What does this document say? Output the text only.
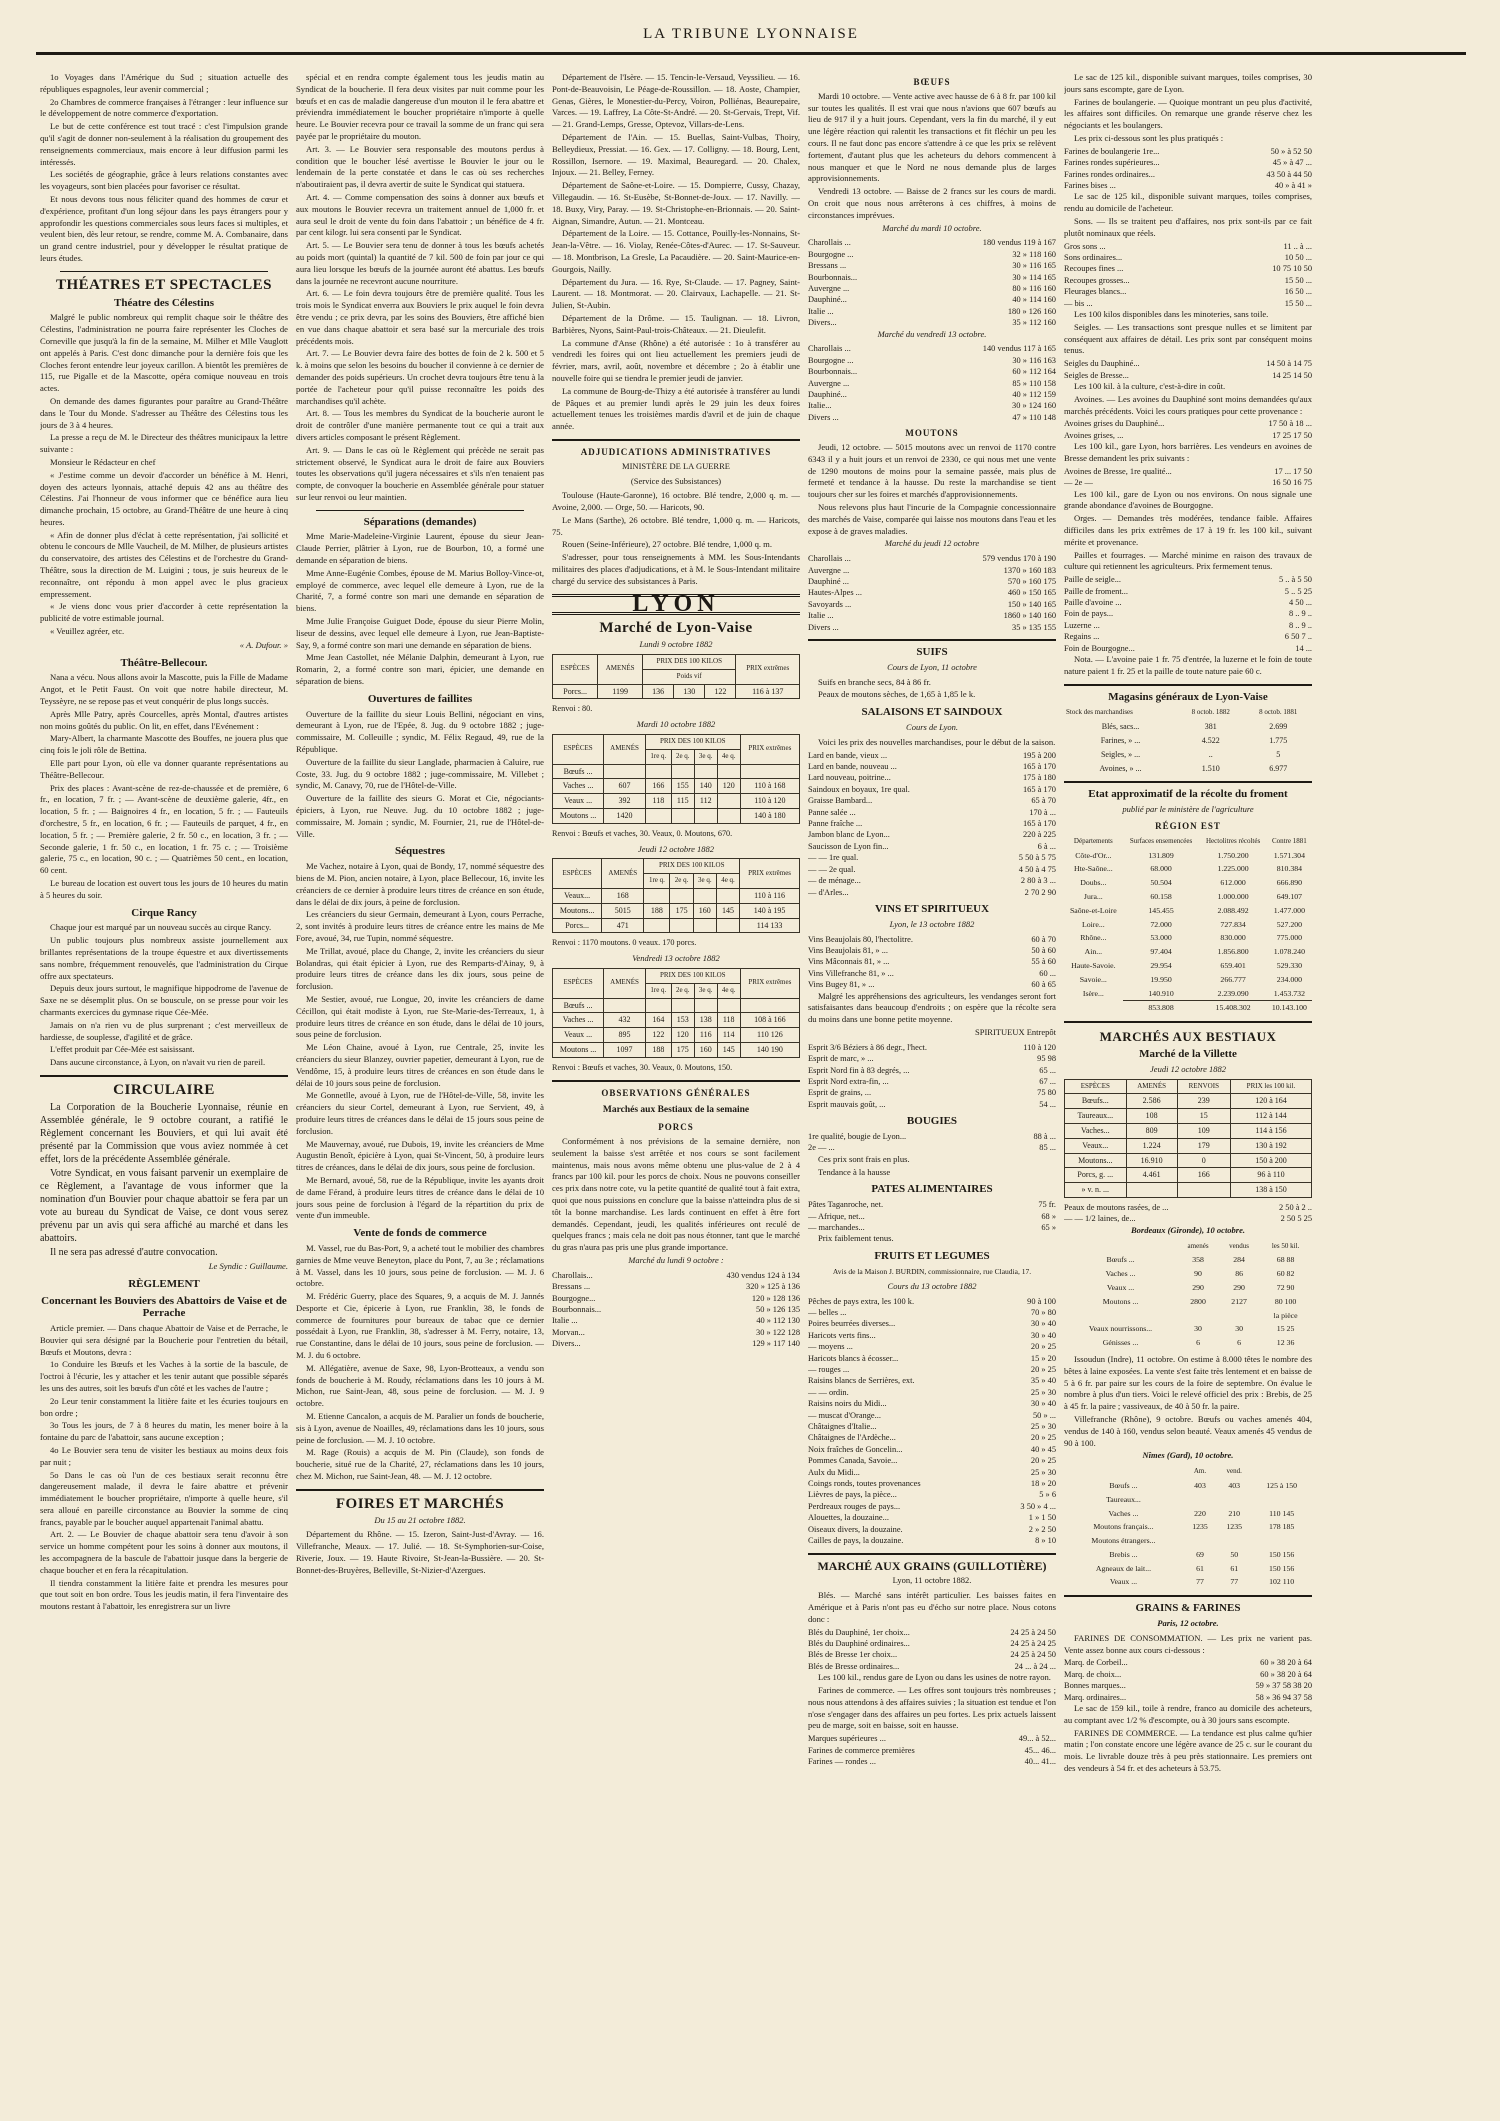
LA TRIBUNE LYONNAISE

1o Voyages dans l'Amérique du Sud ; situation actuelle des républiques espagnoles, leur avenir commercial ;

2o Chambres de commerce françaises à l'étranger : leur influence sur le développement de notre commerce d'exportation.

Le but de cette conférence est tout tracé : c'est l'impulsion grande qu'il s'agit de donner non-seulement à la réalisation du groupement des renseignements commerciaux, mais encore à leur diffusion parmi les intéressés.

Les sociétés de géographie, grâce à leurs relations constantes avec les voyageurs, sont bien placées pour favoriser ce résultat.

Et nous devons tous nous féliciter quand des hommes de cœur et d'expérience, profitant d'un long séjour dans les pays étrangers pour y approfondir les questions commerciales sous leurs faces si multiples, et veulent bien, dès leur retour, se rendre, comme M. A. Combanaire, dans un grand centre industriel, pour y développer le résultat pratique de leurs études.

THÉATRES ET SPECTACLES
Théatre des Célestins

Malgré le public nombreux qui remplit chaque soir le théâtre des Célestins, l'administration ne pourra faire représenter les Cloches de Corneville que jusqu'à la fin de la semaine, M. Milher et Mlle Vauglott ont appelés à Paris. C'est donc dimanche pour la dernière fois que les Cloches feront entendre leur joyeux carillon. A bientôt les premières de 115, rue Pigalle et de la Mascotte, opéra comique nouveau en trois actes.

On demande des dames figurantes pour paraître au Grand-Théâtre dans le Tour du Monde. S'adresser au Théâtre des Célestins tous les jours de 3 à 4 heures.

La presse a reçu de M. le Directeur des théâtres municipaux la lettre suivante :

Monsieur le Rédacteur en chef

« J'estime comme un devoir d'accorder un bénéfice à M. Henri, doyen des acteurs lyonnais, attaché depuis 42 ans au théâtre des Célestins. J'ai l'honneur de vous informer que ce bénéfice aura lieu dimanche prochain, 15 octobre, au Grand-Théâtre de une heure à cinq heures.

« Afin de donner plus d'éclat à cette représentation, j'ai sollicité et obtenu le concours de Mlle Vaucheil, de M. Milher, de plusieurs artistes du conservatoire, des artistes des Célestins et de l'orchestre du Grand-Théâtre, sous la direction de M. Luigini ; tous, je suis heureux de le reconnaître, ont répondu à mon appel avec le plus gracieux empressement.

« Je viens donc vous prier d'accorder à cette représentation la publicité de votre estimable journal.

« Veuillez agréer, etc.

« A. Dufour. »
Théâtre-Bellecour.

Nana a vécu. Nous allons avoir la Mascotte, puis la Fille de Madame Angot, et le Petit Faust. On voit que notre habile directeur, M. Teyssèyre, ne se repose pas et veut conquérir de plus longs succès.

Après Mlle Patry, après Courcelles, après Montal, d'autres artistes non moins goûtés du public. On lit, en effet, dans l'Evénement :

Mary-Albert, la charmante Mascotte des Bouffes, ne jouera plus que cinq fois le joli rôle de Bettina.

Elle part pour Lyon, où elle va donner quarante représentations au Théâtre-Bellecour.

Prix des places : Avant-scène de rez-de-chaussée et de première, 6 fr., en location, 7 fr. ; — Avant-scène de deuxième galerie, 4fr., en location, 5 fr. ; — Baignoires 4 fr., en location, 5 fr. ; — Fauteuils d'orchestre, 5 fr., en location, 6 fr. ; — Fauteuils de parquet, 4 fr., en location, 5 fr. ; — Première galerie, 2 fr. 50 c., en location, 3 fr. ; — Seconde galerie, 1 fr. 50 c., en location, 1 fr. 75 c. ; — Troisième galerie, 75 c., en location, 90 c. ; — Quatrièmes 50 cent., en location, 60 cent.

Le bureau de location est ouvert tous les jours de 10 heures du matin à 5 heures du soir.

Cirque Rancy

Chaque jour est marqué par un nouveau succès au cirque Rancy.

Un public toujours plus nombreux assiste journellement aux brillantes représentations de la troupe équestre et aux divertissements sans nombre, fréquemment renouvelés, que l'administration du Cirque offre aux spectateurs.

Depuis deux jours surtout, le magnifique hippodrome de l'avenue de Saxe ne se désemplit plus. On se bouscule, on se presse pour voir les charmants exercices du gymnase rique Cée-Mée.

Jamais on n'a rien vu de plus surprenant ; c'est merveilleux de hardiesse, de souplesse, d'agilité et de grâce.

L'effet produit par Cée-Mée est saisissant.

Dans aucune circonstance, à Lyon, on n'avait vu rien de pareil.

CIRCULAIRE

La Corporation de la Boucherie Lyonnaise, réunie en Assemblée générale, le 9 octobre courant, a ratifié le Règlement concernant les Bouviers, et qui lui avait été présenté par la Commission que vous aviez nommée à cet effet, lors de la précédente Assemblée générale.

Votre Syndicat, en vous faisant parvenir un exemplaire de ce Règlement, a l'avantage de vous informer que la nomination d'un Bouvier pour chaque abattoir se fera par un vote au bureau du Syndicat de Vaise, ce dont vous serez prévenu par un avis qui sera affiché au marché et dans les abattoirs.

Il ne sera pas adressé d'autre convocation.

Le Syndic : Guillaume.
RÈGLEMENT
Concernant les Bouviers des Abattoirs de Vaise et de Perrache

Article premier. — Dans chaque Abattoir de Vaise et de Perrache, le Bouvier qui sera désigné par la Boucherie pour l'entretien du bétail, Bœufs et Moutons, devra :

1o Conduire les Bœufs et les Vaches à la sortie de la bascule, de l'octroi à l'écurie, les y attacher et les tenir autant que possible séparés les uns des autres, soit les bœufs d'un côté et les vaches de l'autre ;

2o Leur tenir constamment la litière faite et les écuries toujours en bon ordre ;

3o Tous les jours, de 7 à 8 heures du matin, les mener boire à la fontaine du parc de l'abattoir, sans aucune exception ;

4o Le Bouvier sera tenu de visiter les bestiaux au moins deux fois par nuit ;

5o Dans le cas où l'un de ces bestiaux serait reconnu être dangereusement malade, il devra le faire abattre et prévenir immédiatement le boucher propriétaire, n'importe à quelle heure, s'il sera alloué en pareille circonstance au Bouvier la somme de cinq francs, payable par le boucher auquel appartenait l'animal abattu.

Art. 2. — Le Bouvier de chaque abattoir sera tenu d'avoir à son service un homme compétent pour les soins à donner aux moutons, il les accompagnera de la bascule de l'abattoir jusque dans la bergerie de chaque boucher et en fera la récapitulation.

Il tiendra constamment la litière faite et prendra les mesures pour que tout soit en bon ordre. Tous les jeudis matin, il fera l'inventaire des moutons restant à l'abattoir, les enregistrera sur un livre

spécial et en rendra compte également tous les jeudis matin au Syndicat de la boucherie. Il fera deux visites par nuit comme pour les bœufs et en cas de maladie dangereuse d'un mouton il le fera abattre et préviendra immédiatement le boucher propriétaire n'importe à quelle heure. Le Bouvier recevra pour ce travail la somme de un franc qui sera payée par le propriétaire du mouton.

Art. 3. — Le Bouvier sera responsable des moutons perdus à condition que le boucher lésé avertisse le Bouvier le jour ou le lendemain de la perte constatée et dans le cas où ses recherches n'aboutiraient pas, il devra avertir de suite le Syndicat qui statuera.

Art. 4. — Comme compensation des soins à donner aux bœufs et aux moutons le Bouvier recevra un traitement annuel de 1,000 fr. et aura seul le droit de vente du foin dans l'abattoir ; un bénéfice de 4 fr. par cent kilogr. lui sera consenti par le Syndicat.

Art. 5. — Le Bouvier sera tenu de donner à tous les bœufs achetés au poids mort (quintal) la quantité de 7 kil. 500 de foin par jour ce qui aura lieu lorsque les bœufs de la journée auront été abattus. Les bœufs dans la journée ne recevront aucune nourriture.

Art. 6. — Le foin devra toujours être de première qualité. Tous les trois mois le Syndicat enverra aux Bouviers le prix auquel le foin devra être vendu ; ce prix devra, par les soins des Bouviers, être affiché bien en vue dans chaque abattoir et sera basé sur la mercuriale des trois précédents mois.

Art. 7. — Le Bouvier devra faire des bottes de foin de 2 k. 500 et 5 k. à moins que selon les besoins du boucher il convienne à ce dernier de demander des poids supérieurs. Un crochet devra toujours être tenu à la portée de l'acheteur pour qu'il puisse reconnaître les poids des marchandises qu'il achète.

Art. 8. — Tous les membres du Syndicat de la boucherie auront le droit de contrôler d'une manière permanente tout ce qui a trait aux divers articles composant le présent Règlement.

Art. 9. — Dans le cas où le Règlement qui précède ne serait pas strictement observé, le Syndicat aura le droit de faire aux Bouviers toutes les observations qu'il jugera nécessaires et s'ils n'en tenaient pas compte, de convoquer la boucherie en Assemblée générale pour statuer sur leur renvoi ou leur maintien.

Séparations (demandes)

Mme Marie-Madeleine-Virginie Laurent, épouse du sieur Jean-Claude Perrier, plâtrier à Lyon, rue de Bourbon, 10, a formé une demande en séparation de biens.

Mme Anne-Eugénie Combes, épouse de M. Marius Bolloy-Vince-ot, employé de commerce, avec lequel elle demeure à Lyon, rue de la Charité, 7, a formé contre son mari une demande en séparation de biens.

Mme Julie Françoise Guiguet Dode, épouse du sieur Pierre Molin, liseur de dessins, avec lequel elle demeure à Lyon, rue Jean-Baptiste-Say, 9, a formé contre son mari une demande en séparation de biens.

Mme Jean Castollet, née Mélanie Dalphin, demeurant à Lyon, rue Romarin, 2, a formé contre son mari, épicier, une demande en séparation de biens.

Ouvertures de faillites

Ouverture de la faillite du sieur Louis Bellini, négociant en vins, demeurant à Lyon, rue de l'Epée, 8. Jug. du 9 octobre 1882 ; juge-commissaire, M. Colleuille ; syndic, M. Félix Regaud, 49, rue de la République.

Ouverture de la faillite du sieur Langlade, pharmacien à Caluire, rue Coste, 33. Jug. du 9 octobre 1882 ; juge-commissaire, M. Villebet ; syndic, M. Canavy, 70, rue de l'Hôtel-de-Ville.

Ouverture de la faillite des sieurs G. Morat et Cie, négociants-épiciers, à Lyon, rue Neuve. Jug. du 10 octobre 1882 ; juge-commissaire, M. Jomain ; syndic, M. Fournier, 21, rue de l'Hôtel-de-Ville.

Séquestres

Me Vachez, notaire à Lyon, quai de Bondy, 17, nommé séquestre des biens de M. Pion, ancien notaire, à Lyon, place Bellecour, 16, invite les créanciers de ce dernier à produire leurs titres de créance en son étude, dans le délai de dix jours, à peine de forclusion.

Les créanciers du sieur Germain, demeurant à Lyon, cours Perrache, 2, sont invités à produire leurs titres de créance entre les mains de Me Fore, avoué, 34, rue Tupin, nommé séquestre.

Me Trillat, avoué, place du Change, 2, invite les créanciers du sieur Bolandras, qui était épicier à Lyon, rue des Remparts-d'Ainay, 9, à produire leurs titres de créance dans les dix jours, sous peine de forclusion.

Me Sestier, avoué, rue Longue, 20, invite les créanciers de dame Cécillon, qui était modiste à Lyon, rue Ste-Marie-des-Terreaux, 1, à produire leurs titres de créance en son étude, dans le délai de 10 jours, sous peine de forclusion.

Me Léon Chaine, avoué à Lyon, rue Centrale, 25, invite les créanciers du sieur Blanzey, ouvrier papetier, demeurant à Lyon, rue de Vendôme, 15, à produire leurs titres de créances en son étude dans le délai de 10 jours sous peine de forclusion.

Me Gonnetlle, avoué à Lyon, rue de l'Hôtel-de-Ville, 58, invite les créanciers du sieur Cortel, demeurant à Lyon, rue Servient, 49, à produire leurs titres de créances dans le délai de 15 jours sous peine de forclusion.

Me Mauvernay, avoué, rue Dubois, 19, invite les créanciers de Mme Augustin Benoît, épicière à Lyon, quai St-Vincent, 50, à produire leurs titres de créances, dans le délai de dix jours, sous peine de forclusion.

Me Bernard, avoué, 58, rue de la République, invite les ayants droit de dame Férand, à produire leurs titres de créance dans le délai de 10 jours sous peine de forclusion à l'égard de la répartition du prix de vente d'un immeuble.

Vente de fonds de commerce

M. Vassel, rue du Bas-Port, 9, a acheté tout le mobilier des chambres garnies de Mme veuve Beneyton, place du Pont, 7, au 3e ; réclamations à M. Vassel, dans les 10 jours, sous peine de forclusion. — M. J. 6 octobre.

M. Frédéric Guerry, place des Squares, 9, a acquis de M. J. Jannés Desporte et Cie, épicerie à Lyon, rue Franklin, 38, le fonds de commerce de fournitures pour bureaux de tabac que ce dernier possédait à Lyon, rue Franklin, 38, s'adresser à M. Ferry, notaire, 13, rue Constantine, dans le délai de 10 jours, sous peine de forclusion. — M. J. du 6 octobre.

M. Allégatière, avenue de Saxe, 98, Lyon-Brotteaux, a vendu son fonds de boucherie à M. Roudy, réclamations dans les 10 jours à M. Michon, rue Saint-Jean, 48, sous peine de forclusion. — M. J. 9 octobre.

M. Etienne Cancalon, a acquis de M. Paralier un fonds de boucherie, sis à Lyon, avenue de Noailles, 49, réclamations dans les 10 jours, sous peine de forclusion. — M. J. 10 octobre.

M. Rage (Rouis) a acquis de M. Pin (Claude), son fonds de boucherie, situé rue de la Charité, 27, réclamations dans les 10 jours, chez M. Michon, rue Saint-Jean, 48. — M. J. 12 octobre.

FOIRES ET MARCHÉS
Du 15 au 21 octobre 1882.

Département du Rhône. — 15. Izeron, Saint-Just-d'Avray. — 16. Villefranche, Meaux. — 17. Julié. — 18. St-Symphorien-sur-Coise, Riverie, Joux. — 19. Haute Rivoire, St-Jean-la-Bussière. — 20. St-Bonnet-des-Bruyères, Belleville, St-Nizier-d'Azergues.

Département de l'Isère. — 15. Tencin-le-Versaud, Veyssilieu. — 16. Pont-de-Beauvoisin, Le Péage-de-Roussillon. — 18. Aoste, Champier, Genas, Gières, le Monestier-du-Percy, Voiron, Polliénas, Beaurepaire, Varces. — 19. Laffrey, La Côte-St-André. — 20. St-Gervais, Trept, Vif. — 21. Grand-Lemps, Gresse, Optevoz, Villars-de-Lens.

Département de l'Ain. — 15. Buellas, Saint-Vulbas, Thoiry, Belleydieux, Pressiat. — 16. Gex. — 17. Colligny. — 18. Bourg, Lent, Rossillon, Isernore. — 19. Maximal, Beauregard. — 20. Chalex, Injoux. — 21. Belley, Ferney.

Département de Saône-et-Loire. — 15. Dompierre, Cussy, Chazay, Villegaudin. — 16. St-Eusèbe, St-Bonnet-de-Joux. — 17. Navilly. — 18. Buxy, Viry, Paray. — 19. St-Christophe-en-Brionnais. — 20. Saint-Aignan, Simandre, Autun. — 21. Montceau.

Département de la Loire. — 15. Cottance, Pouilly-les-Nonnains, St-Jean-la-Vêtre. — 16. Violay, Renée-Côtes-d'Aurec. — 17. St-Sauveur. — 18. Montbrison, La Gresle, La Pacaudière. — 20. Saint-Maurice-en-Gourgois, Nailly.

Département du Jura. — 16. Rye, St-Claude. — 17. Pagney, Saint-Laurent. — 18. Montmorat. — 20. Clairvaux, Lachapelle. — 21. St-Julien, St-Aubin.

Département de la Drôme. — 15. Taulignan. — 18. Livron, Barbières, Nyons, Saint-Paul-trois-Châteaux. — 21. Dieulefit.

La commune d'Anse (Rhône) a été autorisée : 1o à transférer au vendredi les foires qui ont lieu actuellement les premiers jeudi de février, mars, avril, août, novembre et décembre ; 2o à établir une nouvelle foire qui se tiendra le premier jeudi de janvier.

La commune de Bourg-de-Thizy a été autorisée à transférer au lundi de Pâques et au premier lundi après le 29 juin les deux foires actuellement tenues les troisièmes mardis d'avril et de juin de chaque année.

ADJUDICATIONS ADMINISTRATIVES
MINISTÈRE DE LA GUERRE
(Service des Subsistances)

Toulouse (Haute-Garonne), 16 octobre. Blé tendre, 2,000 q. m. — Avoine, 2,000. — Orge, 50. — Haricots, 90.

Le Mans (Sarthe), 26 octobre. Blé tendre, 1,000 q. m. — Haricots, 75.

Rouen (Seine-Inférieure), 27 octobre. Blé tendre, 1,000 q. m.

S'adresser, pour tous renseignements à MM. les Sous-Intendants militaires des places d'adjudications, et à M. le Sous-Intendant militaire chargé du service des subsistances à Paris.

LYON
Marché de Lyon-Vaise
Lundi 9 octobre 1882
ESPÈCES	AMENÉS	PRIX DES 100 KILOS			PRIX extrêmes
		Poids vif			
Porcs...	1199	136	130	122	116 à 137
Renvoi : 80.
Mardi 10 octobre 1882
ESPÈCES	AMENÉS	PRIX DES 100 KILOS				PRIX extrêmes
		1re q.	2e q.	3e q.	4e q.	
Bœufs ...						
Vaches ...	607	166	155	140	120	110 à 168
Veaux ...	392	118	115	112		110 à 120
Moutons ...	1420					140 à 180
Renvoi : Bœufs et vaches, 30. Veaux, 0. Moutons, 670.
Jeudi 12 octobre 1882
ESPÈCES	AMENÉS	PRIX DES 100 KILOS				PRIX extrêmes
		1re q.	2e q.	3e q.	4e q.	
Veaux...	168					110 à 116
Moutons...	5015	188	175	160	145	140 à 195
Porcs...	471					114 133
Renvoi : 1170 moutons. 0 veaux. 170 porcs.
Vendredi 13 octobre 1882
ESPÈCES	AMENÉS	PRIX DES 100 KILOS				PRIX extrêmes
		1re q.	2e q.	3e q.	4e q.	
Bœufs ...						
Vaches ...	432	164	153	138	118	108 à 166
Veaux ...	895	122	120	116	114	110 126
Moutons ...	1097	188	175	160	145	140 190
Renvoi : Bœufs et vaches, 30. Veaux, 0. Moutons, 150.
OBSERVATIONS GÉNÉRALES
Marchés aux Bestiaux de la semaine
PORCS

Conformément à nos prévisions de la semaine dernière, non seulement la baisse s'est arrêtée et nos cours se sont facilement maintenus, mais nous avons même obtenu une plus-value de 2 à 4 francs par 100 kil. pour les porcs de choix. Nous ne pouvons conseiller ces prix dans notre cote, vu la petite quantité de qualité tout à fait extra, quoi que nous puissions en conclure que la baisse n'atteindra plus de si tôt la bonne marchandise. Les lards continuent en effet à être fort demandés. Cependant, jeudi, les qualités inférieures ont reculé de quelques francs ; mais cela ne doit pas nous étonner, tant que le marché du gras n'aura pas pris une plus grande importance.

Marché du lundi 9 octobre :
Charollais...	430 vendus 124 à 134
Bressans ...	320 » 125 à 136
Bourgogne...	120 » 128 136
Bourbonnais...	50 » 126 135
Italie ...	40 » 112 130
Morvan...	30 » 122 128
Divers...	129 » 117 140
BŒUFS

Mardi 10 octobre. — Vente active avec hausse de 6 à 8 fr. par 100 kil sur toutes les qualités. Il est vrai que nous n'avions que 607 bœufs au lieu de 917 il y a huit jours. Cependant, vers la fin du marché, il y eut une légère réaction qui ralentit les transactions et fit fléchir un peu les cours. Il ne faut donc pas encore s'attendre à ce que les prix se relèvent fortement, d'autant plus que les acheteurs du dehors commencent à nous manquer et que le Nord ne nous demande plus de larges approvisionnements.

Vendredi 13 octobre. — Baisse de 2 francs sur les cours de mardi. On croit que nous nous arrêterons à ces chiffres, à moins de circonstances imprévues.

Marché du mardi 10 octobre.
Charollais ...	180 vendus 119 à 167
Bourgogne ...	32 » 118 160
Bressans ...	30 » 116 165
Bourbonnais...	30 » 114 165
Auvergne ...	80 » 116 160
Dauphiné...	40 » 114 160
Italie ...	180 » 126 160
Divers...	35 » 112 160
Marché du vendredi 13 octobre.
Charollais ...	140 vendus 117 à 165
Bourgogne ...	30 » 116 163
Bourbonnais...	60 » 112 164
Auvergne ...	85 » 110 158
Dauphiné...	40 » 112 159
Italie...	30 » 124 160
Divers ...	47 » 110 148
MOUTONS

Jeudi, 12 octobre. — 5015 moutons avec un renvoi de 1170 contre 6343 il y a huit jours et un renvoi de 2330, ce qui nous met une vente de 1290 moutons de moins pour la semaine passée, mais plus de fermeté et tendance à la hausse. Du reste la marchandise se tient toujours cher sur les foires et marchés d'approvisionnements.

Nous relevons plus haut l'incurie de la Compagnie concessionnaire des marchés de Vaise, comparée qui laisse nos moutons dans l'eau et les expose à de graves maladies.

Marché du jeudi 12 octobre
Charollais ...	579 vendus 170 à 190
Auvergne ...	1370 » 160 183
Dauphiné ...	570 » 160 175
Hautes-Alpes ...	460 » 150 165
Savoyards ...	150 » 140 165
Italie ...	1860 » 140 160
Divers ...	35 » 135 155
SUIFS
Cours de Lyon, 11 octobre

Suifs en branche secs, 84 à 86 fr.

Peaux de moutons sèches, de 1,65 à 1,85 le k.

SALAISONS ET SAINDOUX
Cours de Lyon.

Voici les prix des nouvelles marchandises, pour le début de la saison.

Lard en bande, vieux ...	195 à 200
Lard en bande, nouveau ...	165 à 170
Lard nouveau, poitrine...	175 à 180
Saindoux en boyaux, 1re qual.	165 à 170
Graisse Bambard...	65 à 70
Panne salée ...	170 à ...
Panne fraîche ...	165 à 170
Jambon blanc de Lyon...	220 à 225
Saucisson de Lyon fin...	6 à ...
— — 1re qual.	5 50 à 5 75
— — 2e qual.	4 50 à 4 75
— de ménage...	2 80 à 3 ...
— d'Arles...	2 70 2 90
VINS ET SPIRITUEUX
Lyon, le 13 octobre 1882
Vins Beaujolais 80, l'hectolitre.	60 à 70
Vins Beaujolais 81, » ...	50 à 60
Vins Mâconnais 81, » ...	55 à 60
Vins Villefranche 81, » ...	60 ...
Vins Bugey 81, » ...	60 à 65

Malgré les appréhensions des agriculteurs, les vendanges seront fort satisfaisantes dans beaucoup d'endroits ; on espère que la récolte sera du moins dans une bonne petite moyenne.

SPIRITUEUX Entrepôt
Esprit 3/6 Béziers à 86 degr., l'hect.	110 à 120
Esprit de marc, » ...	95 98
Esprit Nord fin à 83 degrés, ...	65 ...
Esprit Nord extra-fin, ...	67 ...
Esprit de grains, ...	75 80
Esprit mauvais goût, ...	54 ...
BOUGIES
1re qualité, bougie de Lyon...	88 à ...
2e — ...	85 ...

Ces prix sont frais en plus.

Tendance à la hausse

PATES ALIMENTAIRES
Pâtes Taganroche, net.	75 fr.
— Afrique, net...	68 »
— marchandes...	65 »

Prix faiblement tenus.

FRUITS ET LEGUMES
Avis de la Maison J. BURDIN, commissionnaire, rue Claudia, 17.
Cours du 13 octobre 1882
Pêches de pays extra, les 100 k.	90 à 100
— belles ...	70 » 80
Poires beurrées diverses...	30 » 40
Haricots verts fins...	30 » 40
— moyens ...	20 » 25
Haricots blancs à écosser...	15 » 20
— rouges ...	20 » 25
Raisins blancs de Serrières, ext.	35 » 40
— — ordin.	25 » 30
Raisins noirs du Midi...	30 » 40
— muscat d'Orange...	50 » ...
Châtaignes d'Italie...	25 » 30
Châtaignes de l'Ardèche...	20 » 25
Noix fraîches de Goncelin...	40 » 45
Pommes Canada, Savoie...	20 » 25
Aulx du Midi...	25 » 30
Coings ronds, toutes provenances	18 » 20
Lièvres de pays, la pièce...	5 » 6
Perdreaux rouges de pays...	3 50 » 4 ...
Alouettes, la douzaine...	1 » 1 50
Oiseaux divers, la douzaine.	2 » 2 50
Cailles de pays, la douzaine.	8 » 10
MARCHÉ AUX GRAINS (GUILLOTIÈRE)
Lyon, 11 octobre 1882.

Blés. — Marché sans intérêt particulier. Les baisses faites en Amérique et à Paris n'ont pas eu d'écho sur notre place. Nous cotons donc :

Blés du Dauphiné, 1er choix...	24 25 à 24 50
Blés du Dauphiné ordinaires...	24 25 à 24 25
Blés de Bresse 1er choix...	24 25 à 24 50
Blés de Bresse ordinaires...	24 ... à 24 ...

Les 100 kil., rendus gare de Lyon ou dans les usines de notre rayon.

Farines de commerce. — Les offres sont toujours très nombreuses ; nous nous attendons à des affaires suivies ; la situation est tendue et l'on n'ose s'engager dans des affaires un peu fortes. Les prix actuels laissent peu de marge, soit en baisse, soit en hausse.

Marques supérieures ...	49... à 52...
Farines de commerce premières	45... 46...
Farines — rondes ...	40... 41...

Le sac de 125 kil., disponible suivant marques, toiles comprises, 30 jours sans escompte, gare de Lyon.

Farines de boulangerie. — Quoique montrant un peu plus d'activité, les affaires sont difficiles. On remarque une grande réserve chez les négociants et les boulangers.

Les prix ci-dessous sont les plus pratiqués :

Farines de boulangerie 1re...	50 » à 52 50
Farines rondes supérieures...	45 » à 47 ...
Farines rondes ordinaires...	43 50 à 44 50
Farines bises ...	40 » à 41 »

Le sac de 125 kil., disponible suivant marques, toiles comprises, rendu au domicile de l'acheteur.

Sons. — Ils se traitent peu d'affaires, nos prix sont-ils par ce fait plutôt nominaux que réels.

Gros sons ...	11 .. à ...
Sons ordinaires...	10 50 ...
Recoupes fines ...	10 75 10 50
Recoupes grosses...	15 50 ...
Fleurages blancs...	16 50 ...
— bis ...	15 50 ...

Les 100 kilos disponibles dans les minoteries, sans toile.

Seigles. — Les transactions sont presque nulles et se limitent par conséquent aux affaires de détail. Les prix sont par conséquent moins tenus.

Seigles du Dauphiné...	14 50 à 14 75
Seigles de Bresse...	14 25 14 50

Les 100 kil. à la culture, c'est-à-dire in coût.

Avoines. — Les avoines du Dauphiné sont moins demandées qu'aux marchés précédents. Voici les cours pratiques pour cette provenance :

Avoines grises du Dauphiné...	17 50 à 18 ...
Avoines grises, ...	17 25 17 50

Les 100 kil., gare Lyon, hors barrières. Les vendeurs en avoines de Bresse demandent les prix suivants :

Avoines de Bresse, 1re qualité...	17 ... 17 50
— 2e —	16 50 16 75

Les 100 kil., gare de Lyon ou nos environs. On nous signale une grande abondance d'avoines de Bourgogne.

Orges. — Demandes très modérées, tendance faible. Affaires difficiles dans les prix extrêmes de 17 à 19 fr. les 100 kil., suivant mérite et provenance.

Pailles et fourrages. — Marché minime en raison des travaux de culture qui retiennent les agriculteurs. Prix fermement tenus.

Paille de seigle...	5 .. à 5 50
Paille de froment...	5 .. 5 25
Paille d'avoine ...	4 50 ...
Foin de pays...	8 .. 9 ..
Luzerne ...	8 .. 9 ..
Regains ...	6 50 7 ..
Foin de Bourgogne...	14 ...

Nota. — L'avoine paie 1 fr. 75 d'entrée, la luzerne et le foin de toute nature paient 1 fr. 25 et la paille de toute nature paie 60 c.

Magasins généraux de Lyon-Vaise
Stock des marchandises	8 octob. 1882	8 octob. 1881
Blés, sacs...	381	2.699
Farines, » ...	4.522	1.775
Seigles, » ...	..	5
Avoines, » ...	1.510	6.977
Etat approximatif de la récolte du froment
publié par le ministère de l'agriculture
RÉGION EST
Départements	Surfaces ensemencées	Hectolitres récoltés	Contre 1881
Côte-d'Or...	131.809	1.750.200	1.571.304
Hte-Saône...	68.000	1.225.000	810.384
Doubs...	50.504	612.000	666.890
Jura...	60.158	1.000.000	649.107
Saône-et-Loire	145.455	2.088.492	1.477.000
Loire...	72.000	727.834	527.200
Rhône...	53.000	830.000	775.000
Ain...	97.404	1.856.800	1.078.240
Haute-Savoie.	29.954	659.401	529.330
Savoie...	19.950	266.777	234.000
Isère...	140.910	2.239.090	1.453.732
	853.808	15.408.302	10.143.100
MARCHÉS AUX BESTIAUX
Marché de la Villette
Jeudi 12 octobre 1882
ESPÈCES	AMENÉS	RENVOIS	PRIX les 100 kil.
Bœufs...	2.586	239	120 à 164
Taureaux...	108	15	112 à 144
Vaches...	809	109	114 à 156
Veaux...	1.224	179	130 à 192
Moutons...	16.910	0	150 à 200
Porcs, g. ...	4.461	166	96 à 110
» v. n. ...			138 à 150
Peaux de moutons rasées, de ...	2 50 à 2 ..
— — 1/2 laines, de...	2 50 5 25
Bordeaux (Gironde), 10 octobre.
	amenés	vendus	les 50 kil.
Bœufs ...	358	284	68 88
Vaches ...	90	86	60 82
Veaux ...	290	290	72 90
Moutons ...	2800	2127	80 100
			la pièce
Veaux nourrissons...	30	30	15 25
Génisses ...	6	6	12 36

Issoudun (Indre), 11 octobre. On estime à 8.000 têtes le nombre des bêtes à laine exposées. La vente s'est faite très lentement et en baisse de 5 à 6 fr. par paire sur les cours de la foire de septembre. On évalue le nombre à plus d'un tiers. Voici le relevé officiel des prix : Brebis, de 25 à 45 fr. la paire ; vassiveaux, de 40 à 50 fr. la paire.

Villefranche (Rhône), 9 octobre. Bœufs ou vaches amenés 404, vendus de 140 à 160, vendus selon beauté. Veaux amenés 45 vendus de 90 à 100.

Nîmes (Gard), 10 octobre.
	Am.	vend.	
Bœufs ...	403	403	125 à 150
Taureaux...			
Vaches ...	220	210	110 145
Moutons français...	1235	1235	178 185
Moutons étrangers...			
Brebis ...	69	50	150 156
Agneaux de lait...	61	61	150 156
Veaux ...	77	77	102 110
GRAINS & FARINES
Paris, 12 octobre.

FARINES DE CONSOMMATION. — Les prix ne varient pas. Vente assez bonne aux cours ci-dessous :

Marq. de Corbeil...	60 » 38 20 à 64
Marq. de choix...	60 » 38 20 à 64
Bonnes marques...	59 » 37 58 38 20
Marq. ordinaires...	58 » 36 94 37 58

Le sac de 159 kil., toile à rendre, franco au domicile des acheteurs, au comptant avec 1/2 % d'escompte, ou à 30 jours sans escompte.

FARINES DE COMMERCE. — La tendance est plus calme qu'hier matin ; l'on constate encore une légère avance de 25 c. sur le courant du mois. Le livrable douze très à peu près stationnaire. Les premiers ont des vendeurs à 54 fr. et des acheteurs à 53.75.
